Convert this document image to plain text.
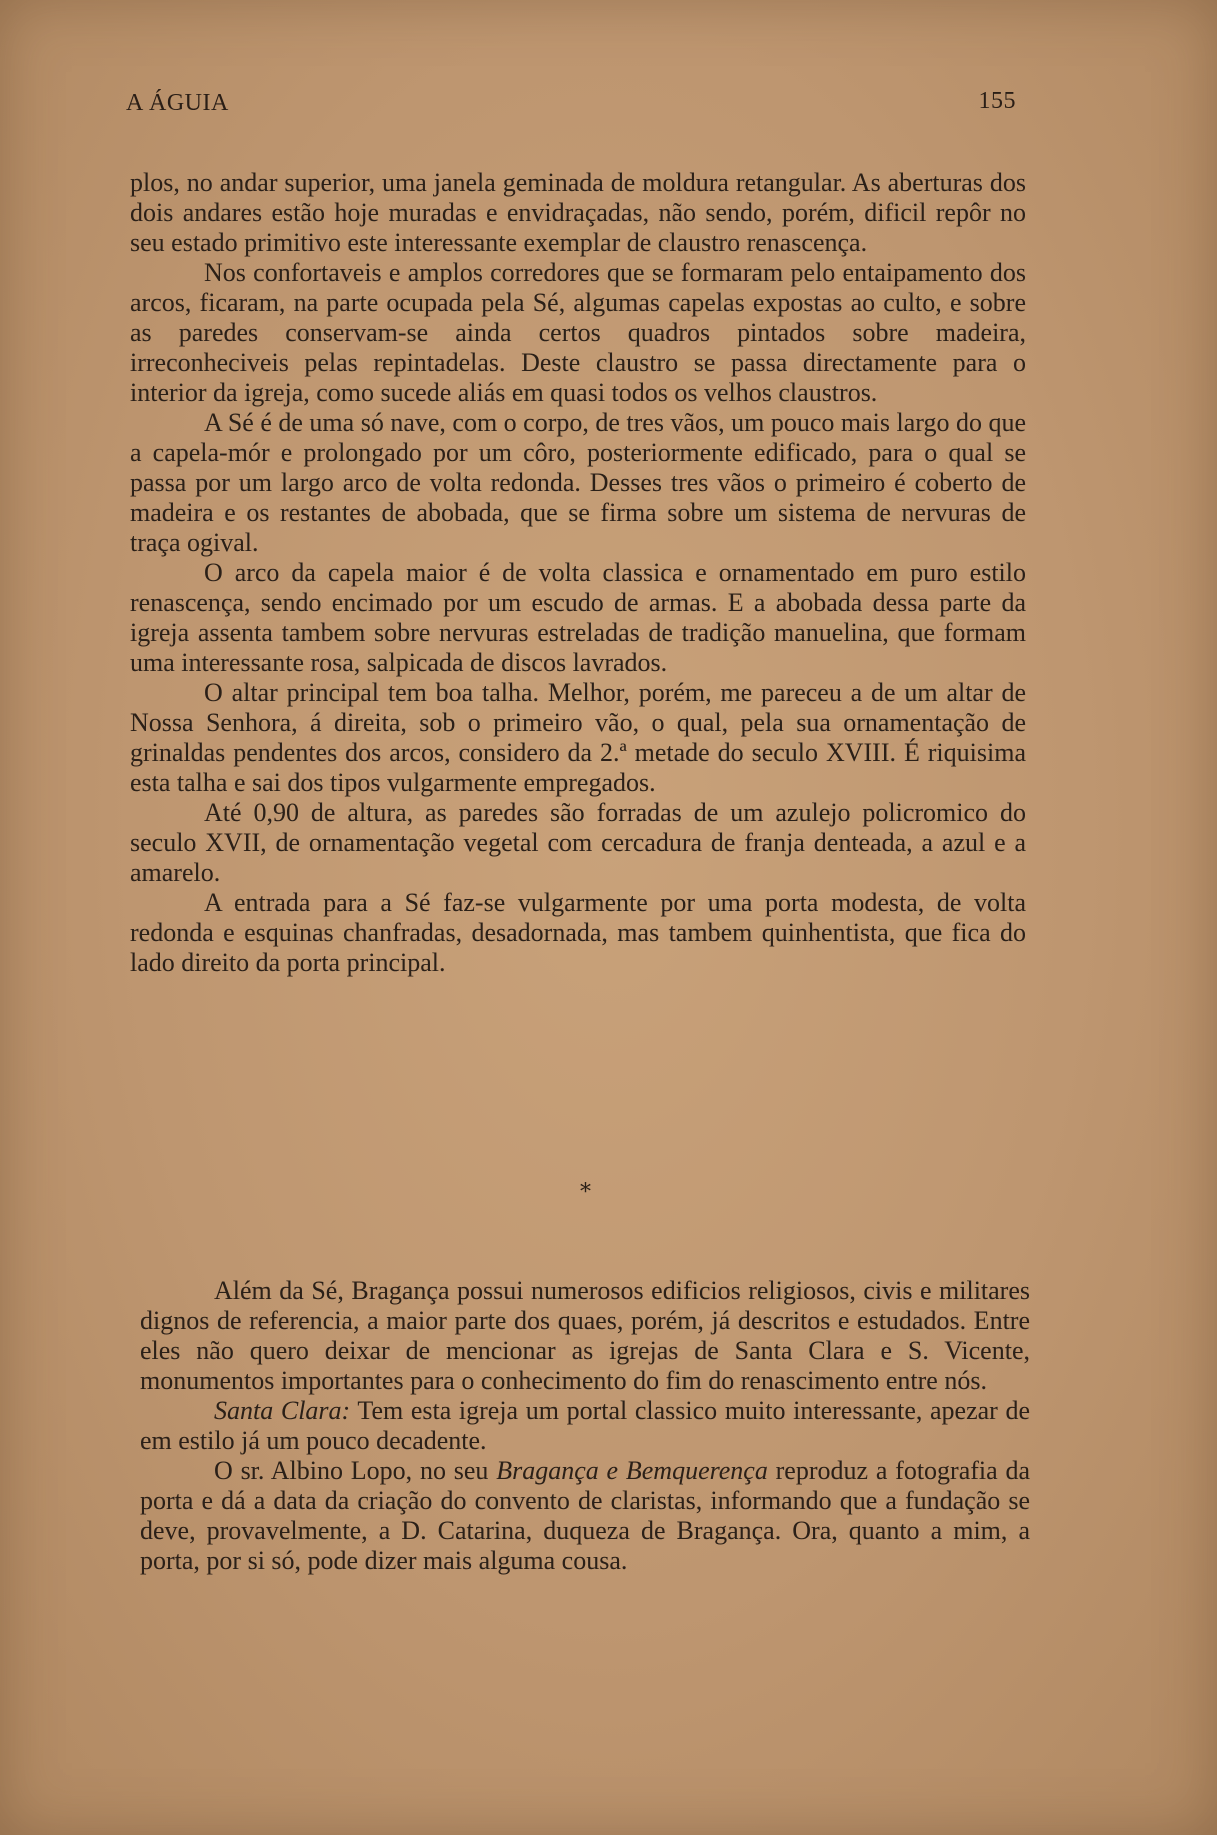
A ÁGUIA	155

plos, no andar superior, uma janela geminada de moldura retangular. As aberturas dos dois andares estão hoje muradas e envidraçadas, não sendo, porém, dificil repôr no seu estado primitivo este interessante exemplar de claustro renascença.

Nos confortaveis e amplos corredores que se formaram pelo entaipamento dos arcos, ficaram, na parte ocupada pela Sé, algumas capelas expostas ao culto, e sobre as paredes conservam-se ainda certos quadros pintados sobre madeira, irreconheciveis pelas repintadelas. Deste claustro se passa directamente para o interior da igreja, como sucede aliás em quasi todos os velhos claustros.

A Sé é de uma só nave, com o corpo, de tres vãos, um pouco mais largo do que a capela-mór e prolongado por um côro, posteriormente edificado, para o qual se passa por um largo arco de volta redonda. Desses tres vãos o primeiro é coberto de madeira e os restantes de abobada, que se firma sobre um sistema de nervuras de traça ogival.

O arco da capela maior é de volta classica e ornamentado em puro estilo renascença, sendo encimado por um escudo de armas. E a abobada dessa parte da igreja assenta tambem sobre nervuras estreladas de tradição manuelina, que formam uma interessante rosa, salpicada de discos lavrados.

O altar principal tem boa talha. Melhor, porém, me pareceu a de um altar de Nossa Senhora, á direita, sob o primeiro vão, o qual, pela sua ornamentação de grinaldas pendentes dos arcos, considero da 2.ª metade do seculo XVIII. É riquisima esta talha e sai dos tipos vulgarmente empregados.

Até 0,90 de altura, as paredes são forradas de um azulejo policromico do seculo XVII, de ornamentação vegetal com cercadura de franja denteada, a azul e a amarelo.

A entrada para a Sé faz-se vulgarmente por uma porta modesta, de volta redonda e esquinas chanfradas, desadornada, mas tambem quinhentista, que fica do lado direito da porta principal.

*

Além da Sé, Bragança possui numerosos edificios religiosos, civis e militares dignos de referencia, a maior parte dos quaes, porém, já descritos e estudados. Entre eles não quero deixar de mencionar as igrejas de Santa Clara e S. Vicente, monumentos importantes para o conhecimento do fim do renascimento entre nós.

Santa Clara: Tem esta igreja um portal classico muito interessante, apezar de em estilo já um pouco decadente.

O sr. Albino Lopo, no seu Bragança e Bemquerença reproduz a fotografia da porta e dá a data da criação do convento de claristas, informando que a fundação se deve, provavelmente, a D. Catarina, duqueza de Bragança. Ora, quanto a mim, a porta, por si só, pode dizer mais alguma cousa.
